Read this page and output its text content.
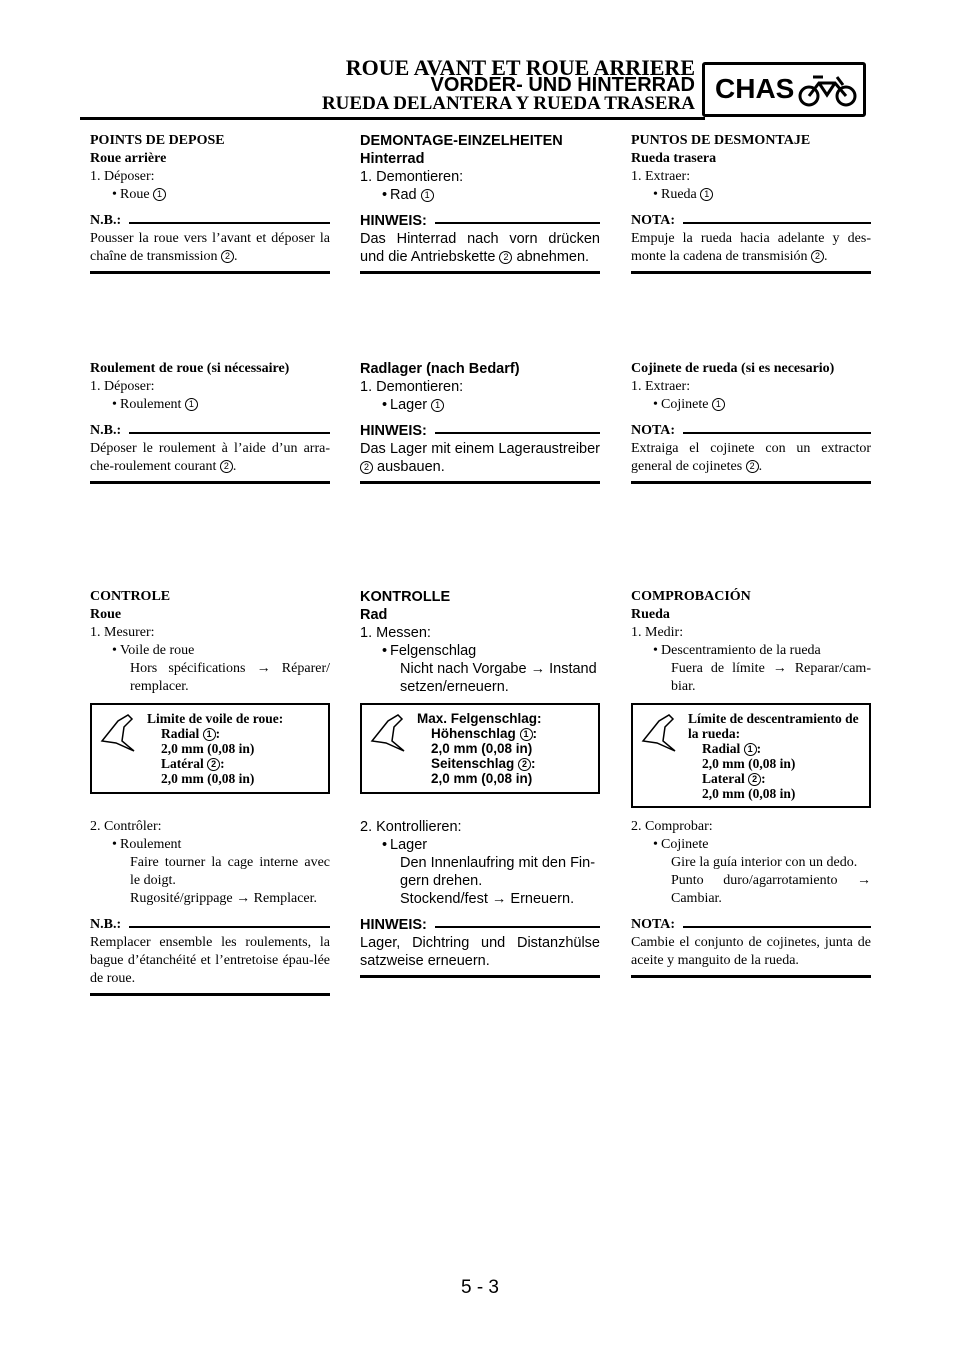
ROUE AVANT ET ROUE ARRIERE
VORDER- UND HINTERRAD
RUEDA DELANTERA Y RUEDA TRASERA CHAS
POINTS DE DEPOSE
Roue arrière
1. Déposer:
• Roue 1
N.B.:
Pousser la roue vers l’avant et déposer la chaîne de transmission 2 .
Roulement de roue (si nécessaire)
1. Déposer:
• Roulement 1
N.B.:
Déposer le roulement à l’aide d’un arra-che-roulement courant 2 .
CONTROLE
Roue
1. Mesurer:
• Voile de roue
Hors spécifications → Réparer/ remplacer.
Limite de voile de roue:
Radial 1 :
2,0 mm (0,08 in)
Latéral 2 :
2,0 mm (0,08 in)
2. Contrôler:
• Roulement
Faire tourner la cage interne avec le doigt.
Rugosité/grippage → Remplacer.
N.B.:
Remplacer ensemble les roulements, la bague d’étanchéité et l’entretoise épau-lée de roue.
DEMONTAGE-EINZELHEITEN
Hinterrad
1. Demontieren:
• Rad 1
HINWEIS:
Das Hinterrad nach vorn drücken und die Antriebskette 2 abnehmen.
Radlager (nach Bedarf)
1. Demontieren:
• Lager 1
HINWEIS:
Das Lager mit einem Lageraustreiber 2 ausbauen.
KONTROLLE
Rad
1. Messen:
• Felgenschlag
Nicht nach Vorgabe → Instand setzen/erneuern.
Max. Felgenschlag:
Höhenschlag 1 :
2,0 mm (0,08 in)
Seitenschlag 2 :
2,0 mm (0,08 in)
2. Kontrollieren:
• Lager
Den Innenlaufring mit den Fin-gern drehen.
Stockend/fest → Erneuern.
HINWEIS:
Lager, Dichtring und Distanzhülse satzweise erneuern.
PUNTOS DE DESMONTAJE
Rueda trasera
1. Extraer:
• Rueda 1
NOTA:
Empuje la rueda hacia adelante y des-monte la cadena de transmisión 2 .
Cojinete de rueda (si es necesario)
1. Extraer:
• Cojinete 1
NOTA:
Extraiga el cojinete con un extractor general de cojinetes 2 .
COMPROBACIÓN
Rueda
1. Medir:
• Descentramiento de la rueda
Fuera de límite → Reparar/cam-biar.
Límite de descentramiento de la rueda:
Radial 1 :
2,0 mm (0,08 in)
Lateral 2 :
2,0 mm (0,08 in)
2. Comprobar:
• Cojinete
Gire la guía interior con un dedo.
Punto duro/agarrotamiento → Cambiar.
NOTA:
Cambie el conjunto de cojinetes, junta de aceite y manguito de la rueda.
5 - 3
